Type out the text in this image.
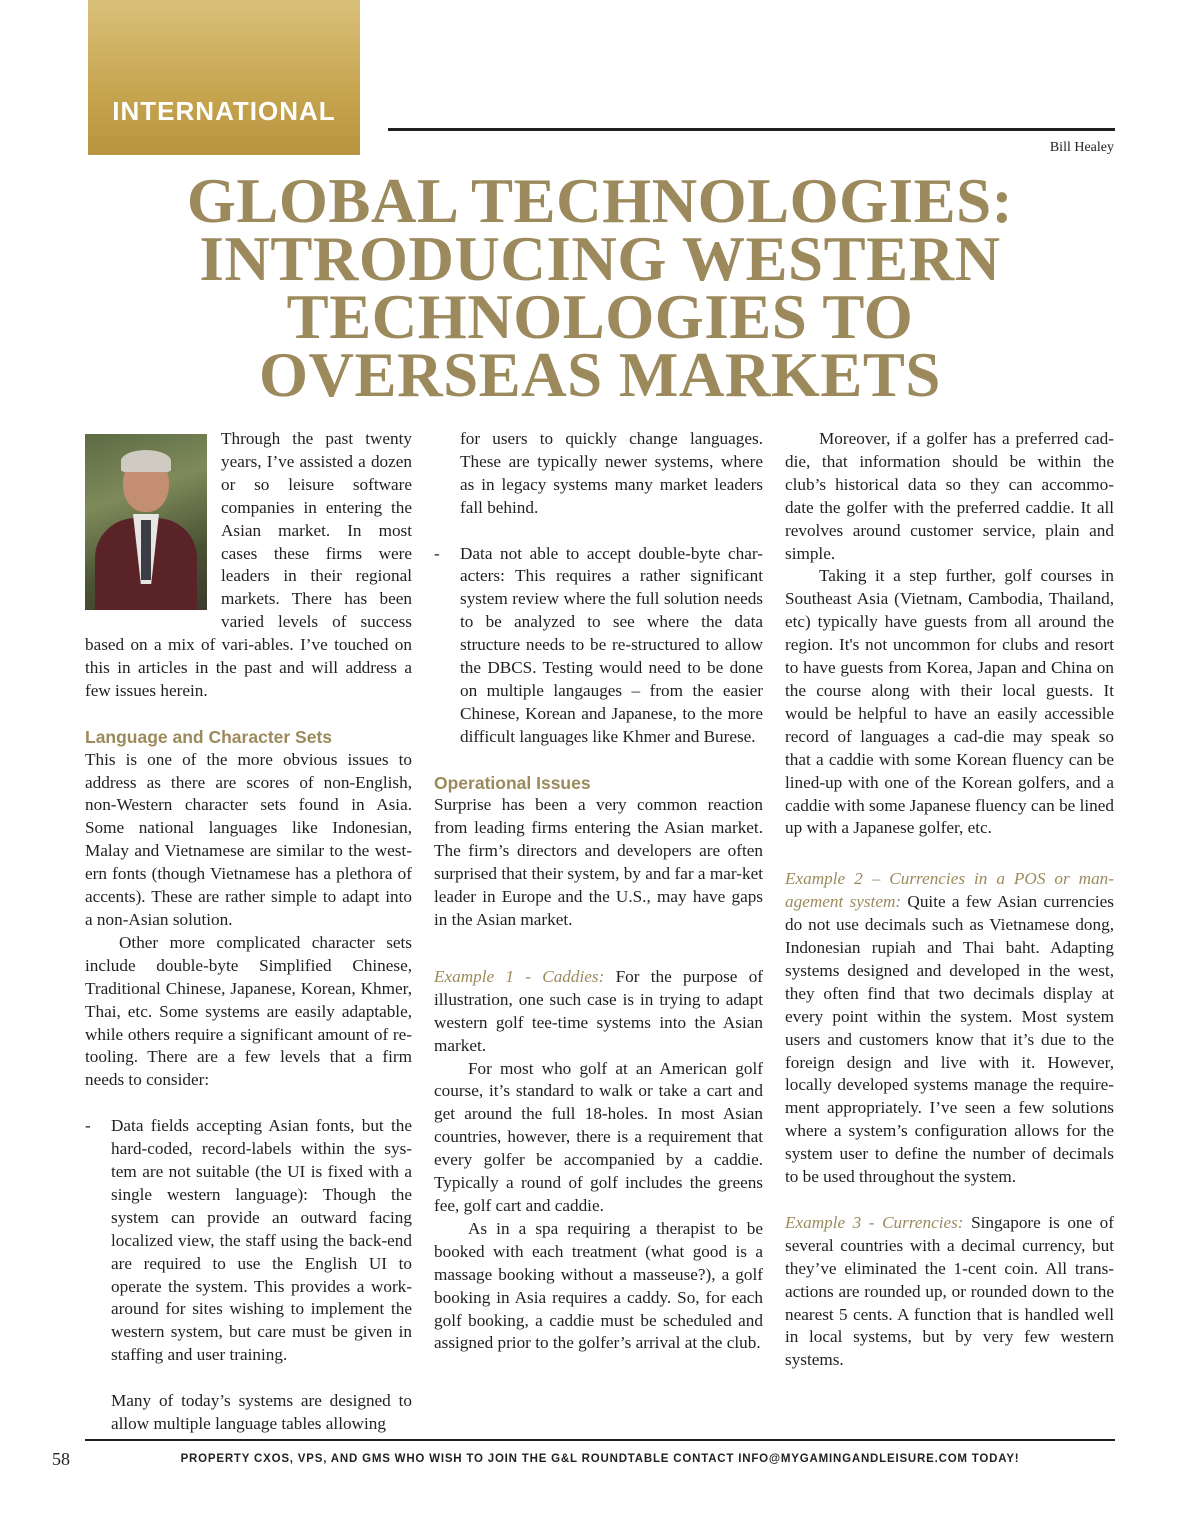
INTERNATIONAL
Bill Healey
GLOBAL TECHNOLOGIES:
INTRODUCING WESTERN
TECHNOLOGIES TO
OVERSEAS MARKETS

Through the past twenty years, I’ve assisted a dozen or so leisure software companies in entering the Asian market. In most cases these firms were leaders in their regional markets. There has been varied levels of success based on a mix of vari-ables. I’ve touched on this in articles in the past and will address a few issues herein.

Language and Character Sets

This is one of the more obvious issues to address as there are scores of non-English, non-Western character sets found in Asia. Some national languages like Indonesian, Malay and Vietnamese are similar to the west-ern fonts (though Vietnamese has a plethora of accents). These are rather simple to adapt into a non-Asian solution.

Other more complicated character sets include double-byte Simplified Chinese, Traditional Chinese, Japanese, Korean, Khmer, Thai, etc. Some systems are easily adaptable, while others require a significant amount of re-tooling. There are a few levels that a firm needs to consider:

- Data fields accepting Asian fonts, but the hard-coded, record-labels within the sys-tem are not suitable (the UI is fixed with a single western language): Though the system can provide an outward facing localized view, the staff using the back-end are required to use the English UI to operate the system. This provides a work-around for sites wishing to implement the western system, but care must be given in staffing and user training.

Many of today’s systems are designed to allow multiple language tables allowing

for users to quickly change languages. These are typically newer systems, where as in legacy systems many market leaders fall behind.

- Data not able to accept double-byte char-acters: This requires a rather significant system review where the full solution needs to be analyzed to see where the data structure needs to be re-structured to allow the DBCS. Testing would need to be done on multiple langauges – from the easier Chinese, Korean and Japanese, to the more difficult languages like Khmer and Burese.

Operational Issues

Surprise has been a very common reaction from leading firms entering the Asian market. The firm’s directors and developers are often surprised that their system, by and far a mar-ket leader in Europe and the U.S., may have gaps in the Asian market.

Example 1 - Caddies: For the purpose of illustration, one such case is in trying to adapt western golf tee-time systems into the Asian market.

For most who golf at an American golf course, it’s standard to walk or take a cart and get around the full 18-holes. In most Asian countries, however, there is a requirement that every golfer be accompanied by a caddie. Typically a round of golf includes the greens fee, golf cart and caddie.

As in a spa requiring a therapist to be booked with each treatment (what good is a massage booking without a masseuse?), a golf booking in Asia requires a caddy. So, for each golf booking, a caddie must be scheduled and assigned prior to the golfer’s arrival at the club.

Moreover, if a golfer has a preferred cad-die, that information should be within the club’s historical data so they can accommo-date the golfer with the preferred caddie. It all revolves around customer service, plain and simple.

Taking it a step further, golf courses in Southeast Asia (Vietnam, Cambodia, Thailand, etc) typically have guests from all around the region. It's not uncommon for clubs and resort to have guests from Korea, Japan and China on the course along with their local guests. It would be helpful to have an easily accessible record of languages a cad-die may speak so that a caddie with some Korean fluency can be lined-up with one of the Korean golfers, and a caddie with some Japanese fluency can be lined up with a Japanese golfer, etc.

Example 2 – Currencies in a POS or man-agement system: Quite a few Asian currencies do not use decimals such as Vietnamese dong, Indonesian rupiah and Thai baht. Adapting systems designed and developed in the west, they often find that two decimals display at every point within the system. Most system users and customers know that it’s due to the foreign design and live with it. However, locally developed systems manage the require-ment appropriately. I’ve seen a few solutions where a system’s configuration allows for the system user to define the number of decimals to be used throughout the system.

Example 3 - Currencies: Singapore is one of several countries with a decimal currency, but they’ve eliminated the 1-cent coin. All trans-actions are rounded up, or rounded down to the nearest 5 cents. A function that is handled well in local systems, but by very few western systems.

58	PROPERTY CXOS, VPS, AND GMS WHO WISH TO JOIN THE G&L ROUNDTABLE CONTACT INFO@MYGAMINGANDLEISURE.COM TODAY!
